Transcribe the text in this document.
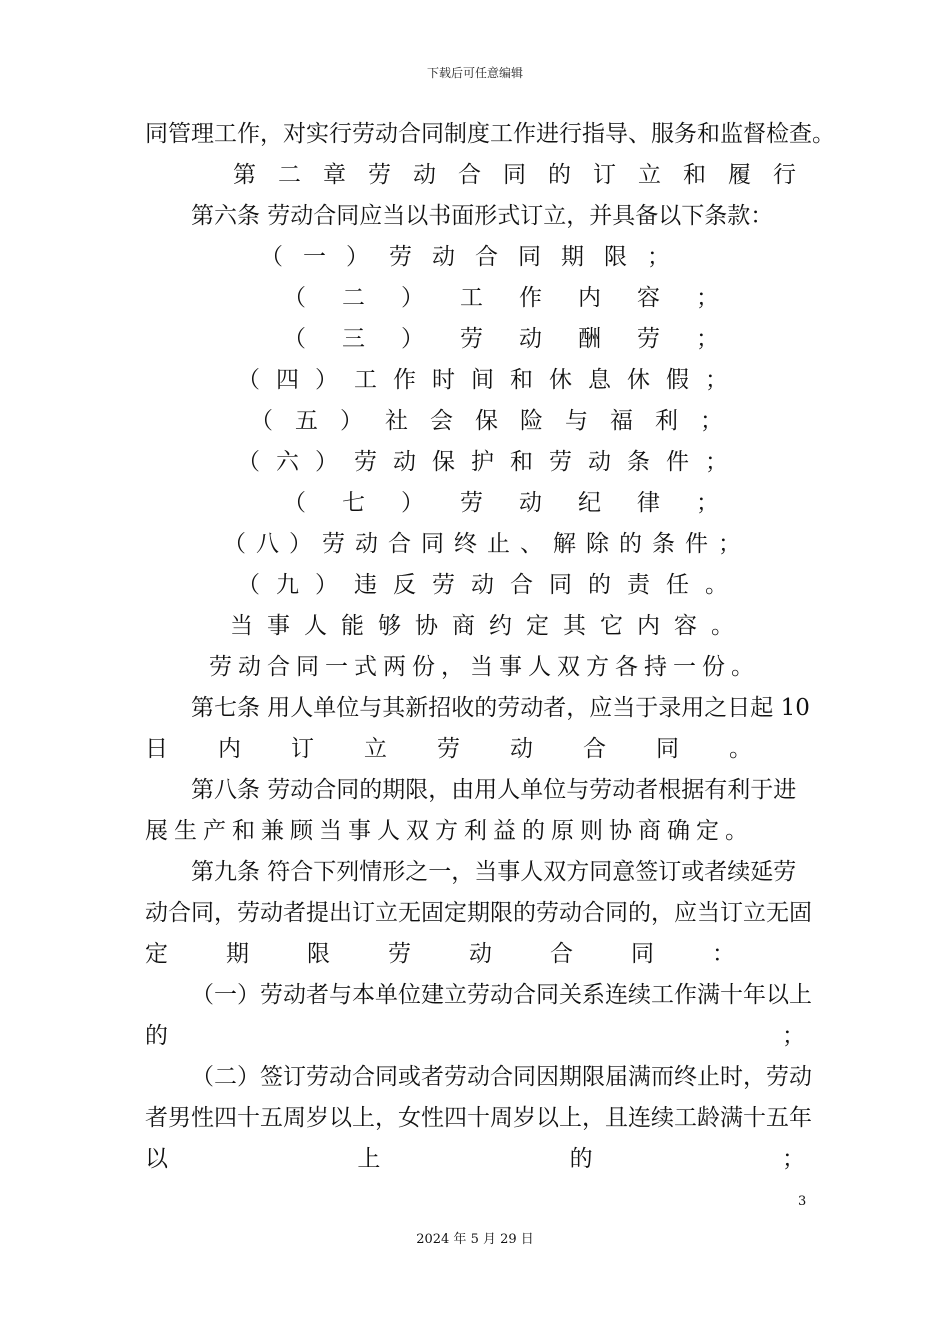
下载后可任意编辑
同管理工作，对实行劳动合同制度工作进行指导、服务和监督检查。
第二章劳动合同的订立和履行
第六条 劳动合同应当以书面形式订立，并具备以下条款：
（一）劳动合同期限；
（二）工作内容；
（三）劳动酬劳；
（四）工作时间和休息休假；
（五）社会保险与福利；
（六）劳动保护和劳动条件；
（七）劳动纪律；
（八）劳动合同终止、解除的条件；
（九）违反劳动合同的责任。
当事人能够协商约定其它内容。
劳动合同一式两份，当事人双方各持一份。
第七条 用人单位与其新招收的劳动者，应当于录用之日起 10
日内订立劳动合同。
第八条 劳动合同的期限，由用人单位与劳动者根据有利于进
展生产和兼顾当事人双方利益的原则协商确定。
第九条 符合下列情形之一，当事人双方同意签订或者续延劳
动合同，劳动者提出订立无固定期限的劳动合同的，应当订立无固
定期限劳动合同：
（一）劳动者与本单位建立劳动合同关系连续工作满十年以上
的	；
（二）签订劳动合同或者劳动合同因期限届满而终止时，劳动
者男性四十五周岁以上，女性四十周岁以上，且连续工龄满十五年
以	上	的	；
3
2024 年 5 月 29 日
